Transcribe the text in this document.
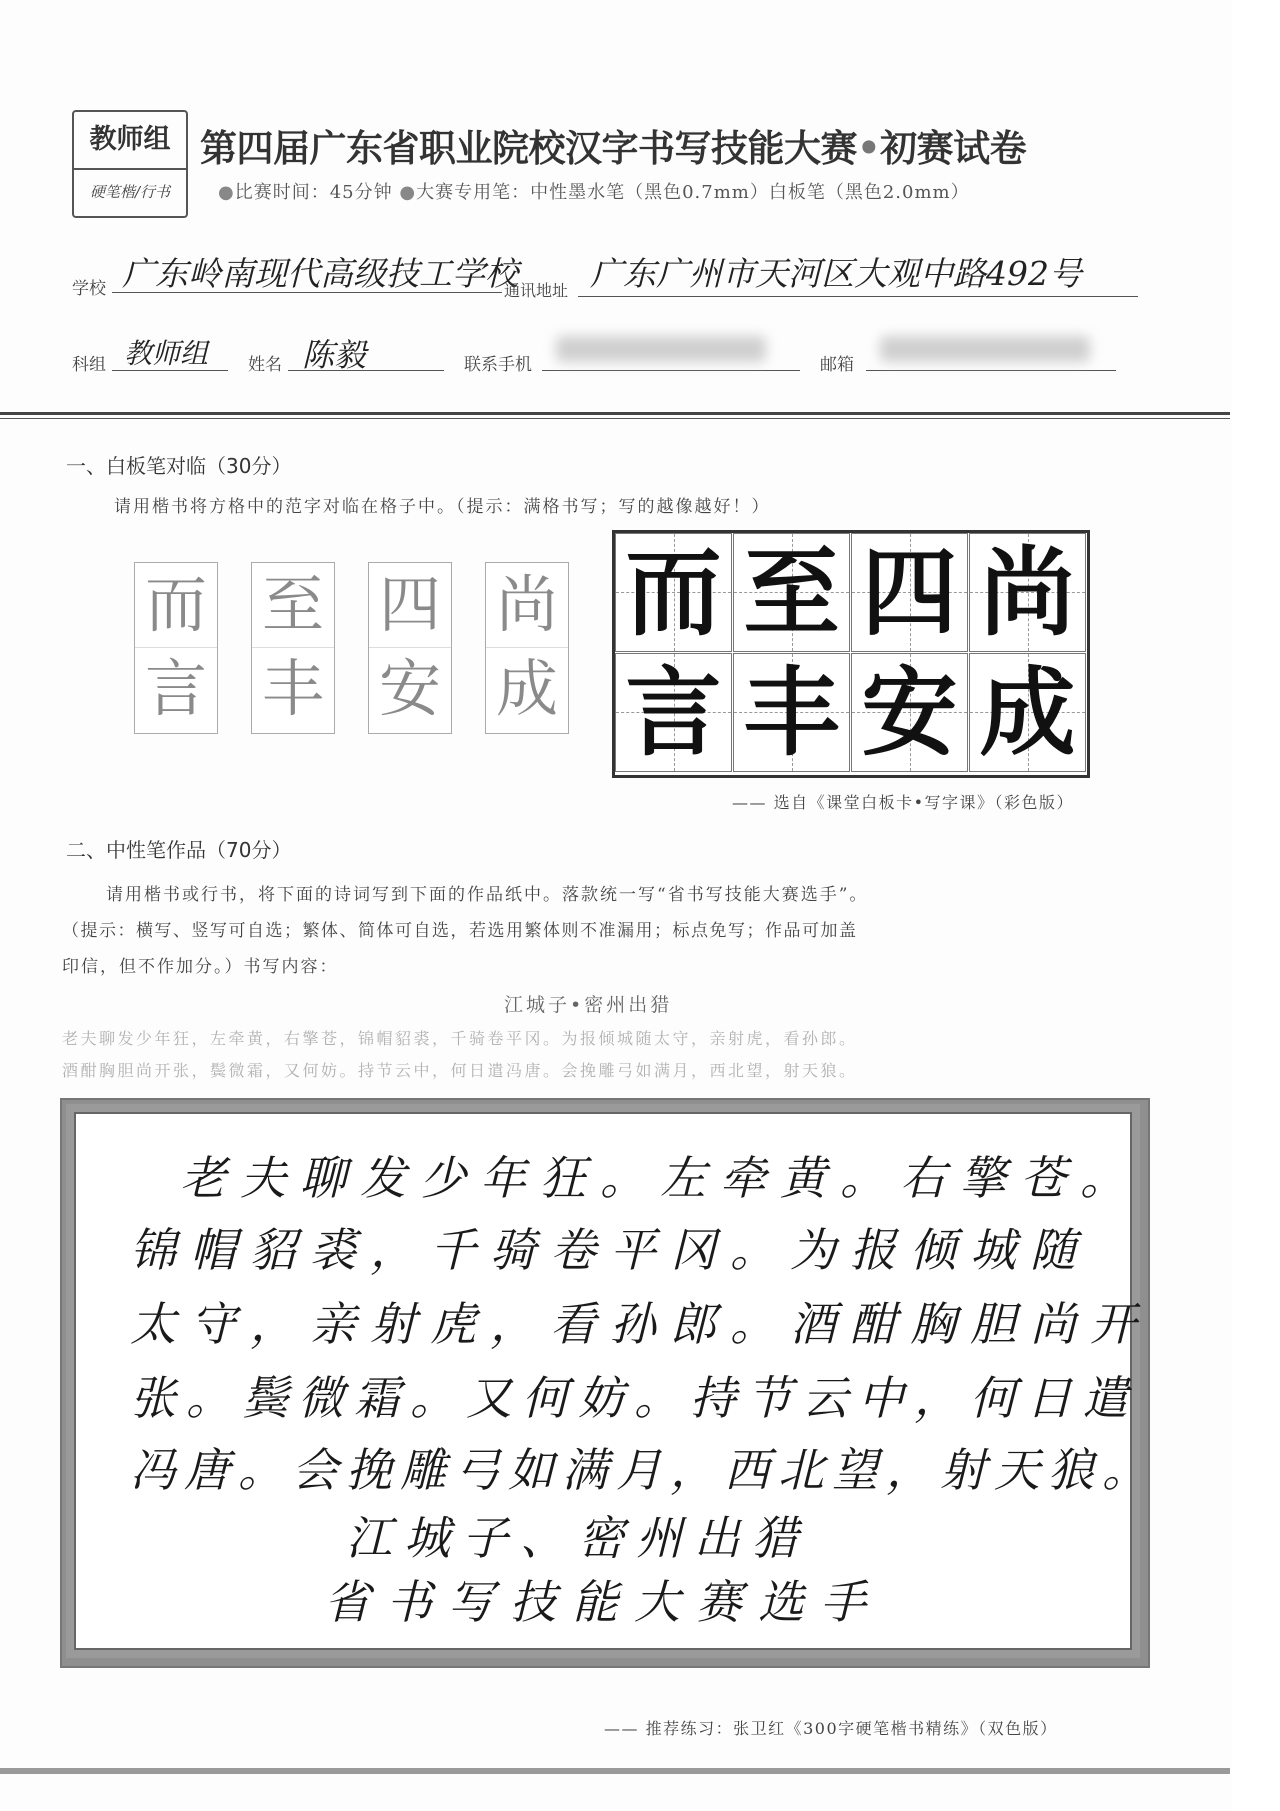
教师组
硬笔楷/行书
第四届广东省职业院校汉字书写技能大赛•初赛试卷
●比赛时间：45分钟 ●大赛专用笔：中性墨水笔（黑色0.7mm）白板笔（黑色2.0mm）
学校 广东岭南现代高级技工学校
通讯地址 广东广州市天河区大观中路492号
科组 教师组 姓名 陈毅	联系手机	邮箱
一、白板笔对临（30分）
请用楷书将方格中的范字对临在格子中。（提示：满格书写；写的越像越好！）
而
言
至
丰
四
安
尚
成
而 至 四 尚
言 丰 安 成
—— 选自《课堂白板卡•写字课》（彩色版）
二、中性笔作品（70分）
请用楷书或行书，将下面的诗词写到下面的作品纸中。落款统一写“省书写技能大赛选手”。
（提示：横写、竖写可自选；繁体、简体可自选，若选用繁体则不准漏用；标点免写；作品可加盖
印信，但不作加分。）书写内容：
江城子•密州出猎
老夫聊发少年狂，左牵黄，右擎苍，锦帽貂裘，千骑卷平冈。为报倾城随太守，亲射虎，看孙郎。
酒酣胸胆尚开张，鬓微霜，又何妨。持节云中，何日遣冯唐。会挽雕弓如满月，西北望，射天狼。
老夫聊发少年狂。左牵黄。右擎苍。
锦帽貂裘，千骑卷平冈。为报倾城随
太守，亲射虎，看孙郎。酒酣胸胆尚开
张。鬓微霜。又何妨。持节云中，何日遣
冯唐。会挽雕弓如满月，西北望，射天狼。
江城子、密州出猎
省书写技能大赛选手
—— 推荐练习：张卫红《300字硬笔楷书精练》（双色版）
